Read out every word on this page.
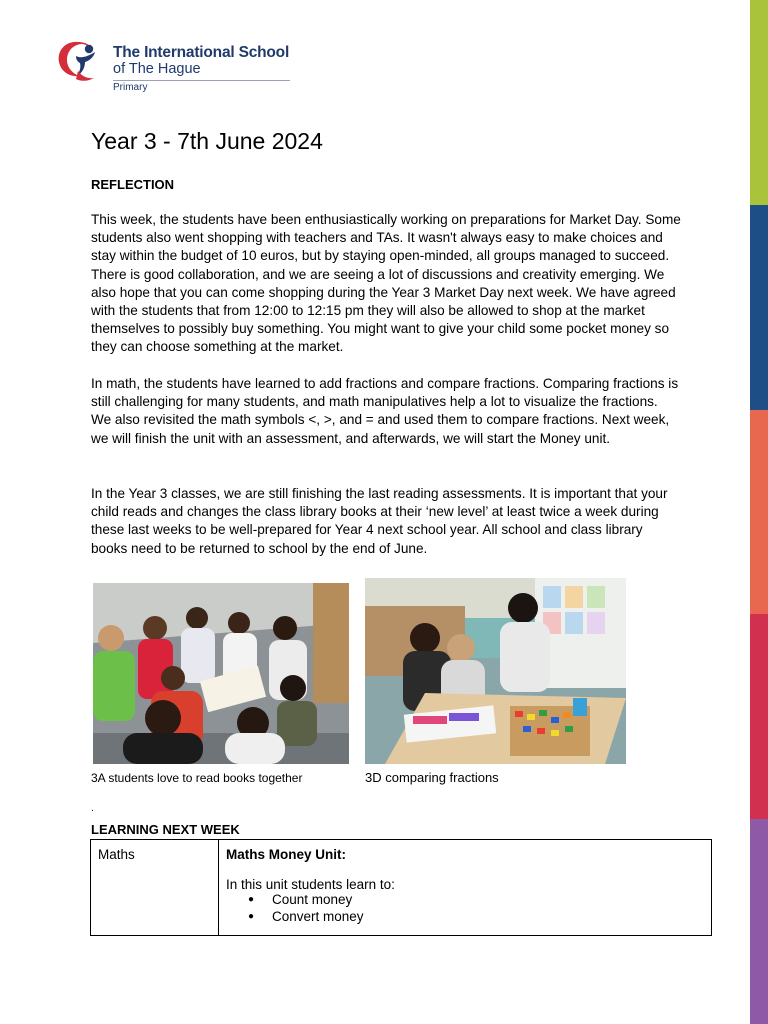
The International School
of The Hague
Primary
Year 3 - 7th June 2024
REFLECTION

This week, the students have been enthusiastically working on preparations for Market Day. Some students also went shopping with teachers and TAs. It wasn't always easy to make choices and stay within the budget of 10 euros, but by staying open-minded, all groups managed to succeed. There is good collaboration, and we are seeing a lot of discussions and creativity emerging. We also hope that you can come shopping during the Year 3 Market Day next week. We have agreed with the students that from 12:00 to 12:15 pm they will also be allowed to shop at the market themselves to possibly buy something. You might want to give your child some pocket money so they can choose something at the market.

In math, the students have learned to add fractions and compare fractions. Comparing fractions is still challenging for many students, and math manipulatives help a lot to visualize the fractions. We also revisited the math symbols <, >, and = and used them to compare fractions. Next week, we will finish the unit with an assessment, and afterwards, we will start the Money unit.

In the Year 3 classes, we are still finishing the last reading assessments. It is important that your child reads and changes the class library books at their ‘new level’ at least twice a week during these last weeks to be well-prepared for Year 4 next school year. All school and class library books need to be returned to school by the end of June.

3A students love to read books together	3D comparing fractions
.
LEARNING NEXT WEEK
Maths	Maths Money Unit:
In this unit students learn to:
● Count money
● Convert money
